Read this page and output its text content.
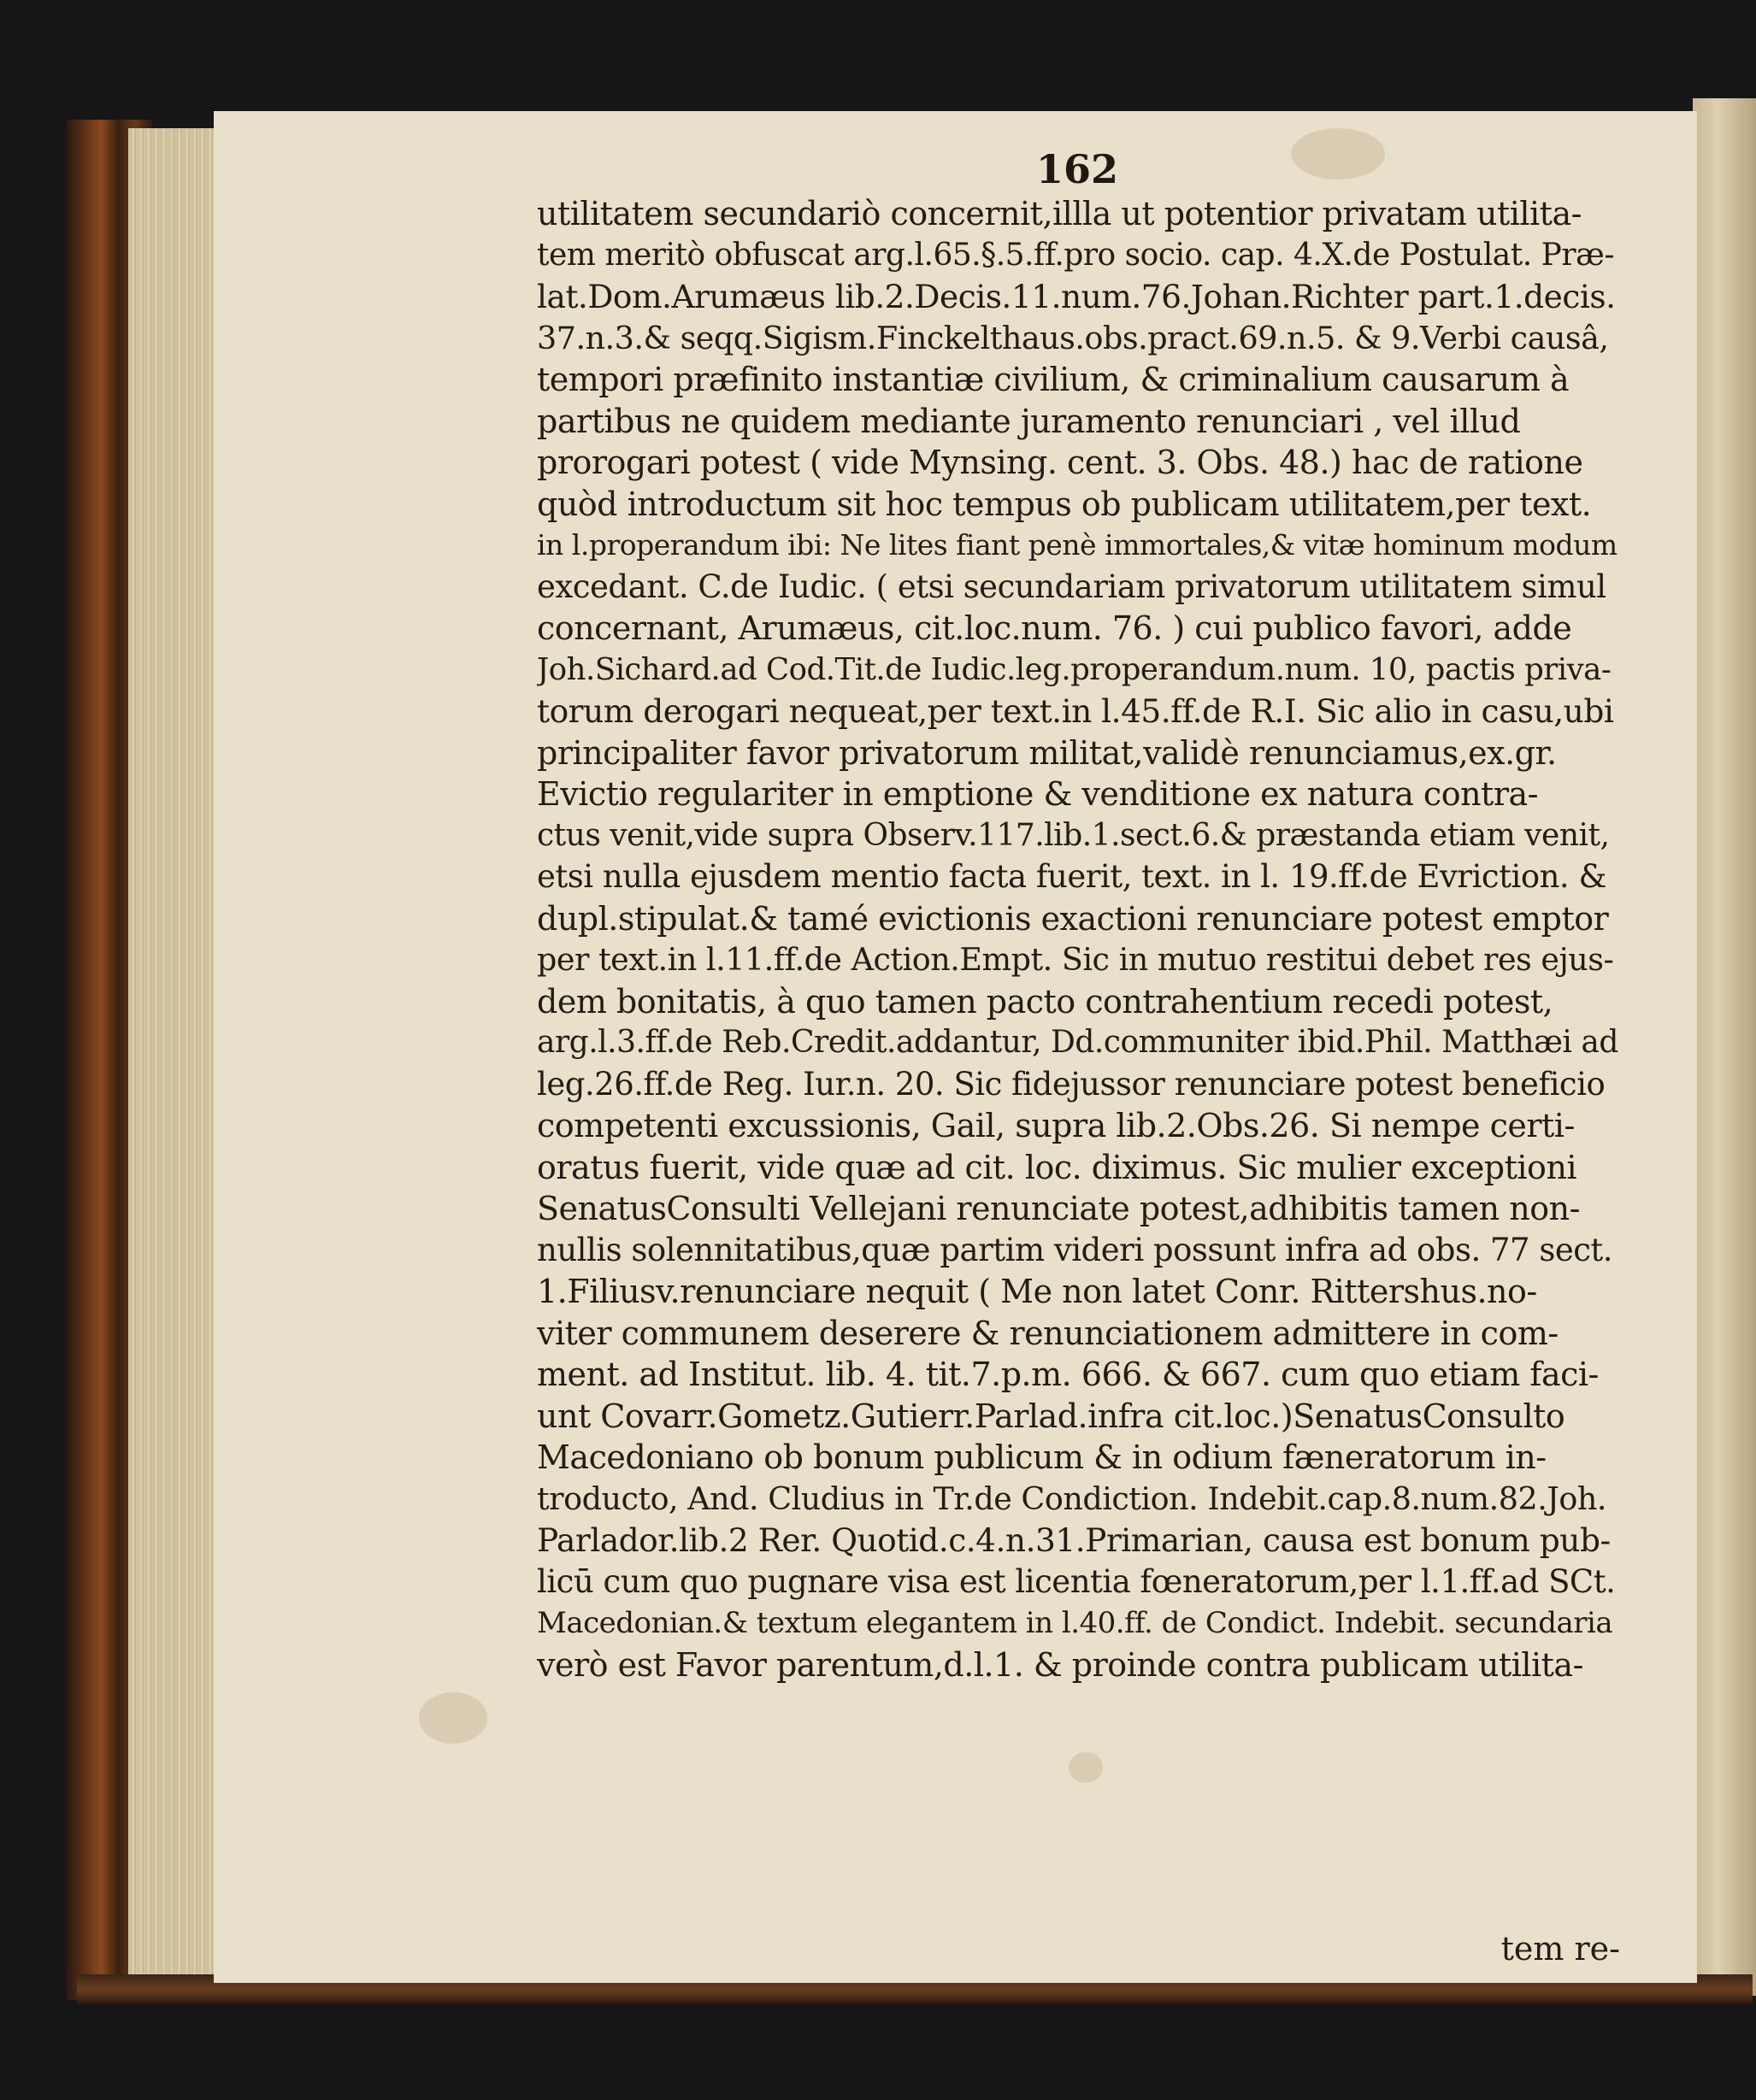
162
utilitatem secundariò concernit,illla ut potentior privatam utilita-
tem meritò obfuscat arg.l.65.§.5.ff.pro socio. cap. 4.X.de Postulat. Præ-
lat.Dom.Arumæus lib.2.Decis.11.num.76.Johan.Richter part.1.decis.
37.n.3.& seqq.Sigism.Finckelthaus.obs.pract.69.n.5. & 9.Verbi causâ,
tempori præfinito instantiæ civilium, & criminalium causarum à
partibus ne quidem mediante juramento renunciari , vel illud
prorogari potest ( vide Mynsing. cent. 3. Obs. 48.) hac de ratione
quòd introductum sit hoc tempus ob publicam utilitatem,per text.
in l.properandum ibi: Ne lites fiant penè immortales,& vitæ hominum modum
excedant. C.de Iudic. ( etsi secundariam privatorum utilitatem simul
concernant, Arumæus, cit.loc.num. 76. ) cui publico favori, adde
Joh.Sichard.ad Cod.Tit.de Iudic.leg.properandum.num. 10, pactis priva-
torum derogari nequeat,per text.in l.45.ff.de R.I. Sic alio in casu,ubi
principaliter favor privatorum militat,validè renunciamus,ex.gr.
Evictio regulariter in emptione & venditione ex natura contra-
ctus venit,vide supra Observ.117.lib.1.sect.6.& præstanda etiam venit,
etsi nulla ejusdem mentio facta fuerit, text. in l. 19.ff.de Evriction. &
dupl.stipulat.& tamé evictionis exactioni renunciare potest emptor
per text.in l.11.ff.de Action.Empt. Sic in mutuo restitui debet res ejus-
dem bonitatis, à quo tamen pacto contrahentium recedi potest,
arg.l.3.ff.de Reb.Credit.addantur, Dd.communiter ibid.Phil. Matthæi ad
leg.26.ff.de Reg. Iur.n. 20. Sic fidejussor renunciare potest beneficio
competenti excussionis, Gail, supra lib.2.Obs.26. Si nempe certi-
oratus fuerit, vide quæ ad cit. loc. diximus. Sic mulier exceptioni
SenatusConsulti Vellejani renunciate potest,adhibitis tamen non-
nullis solennitatibus,quæ partim videri possunt infra ad obs. 77 sect.
1.Filiusv.renunciare nequit ( Me non latet Conr. Rittershus.no-
viter communem deserere & renunciationem admittere in com-
ment. ad Institut. lib. 4. tit.7.p.m. 666. & 667. cum quo etiam faci-
unt Covarr.Gometz.Gutierr.Parlad.infra cit.loc.)SenatusConsulto
Macedoniano ob bonum publicum & in odium fæneratorum in-
troducto, And. Cludius in Tr.de Condiction. Indebit.cap.8.num.82.Joh.
Parlador.lib.2 Rer. Quotid.c.4.n.31.Primarian, causa est bonum pub-
licū cum quo pugnare visa est licentia fœneratorum,per l.1.ff.ad SCt.
Macedonian.& textum elegantem in l.40.ff. de Condict. Indebit. secundaria
verò est Favor parentum,d.l.1. & proinde contra publicam utilita-
tem re-
